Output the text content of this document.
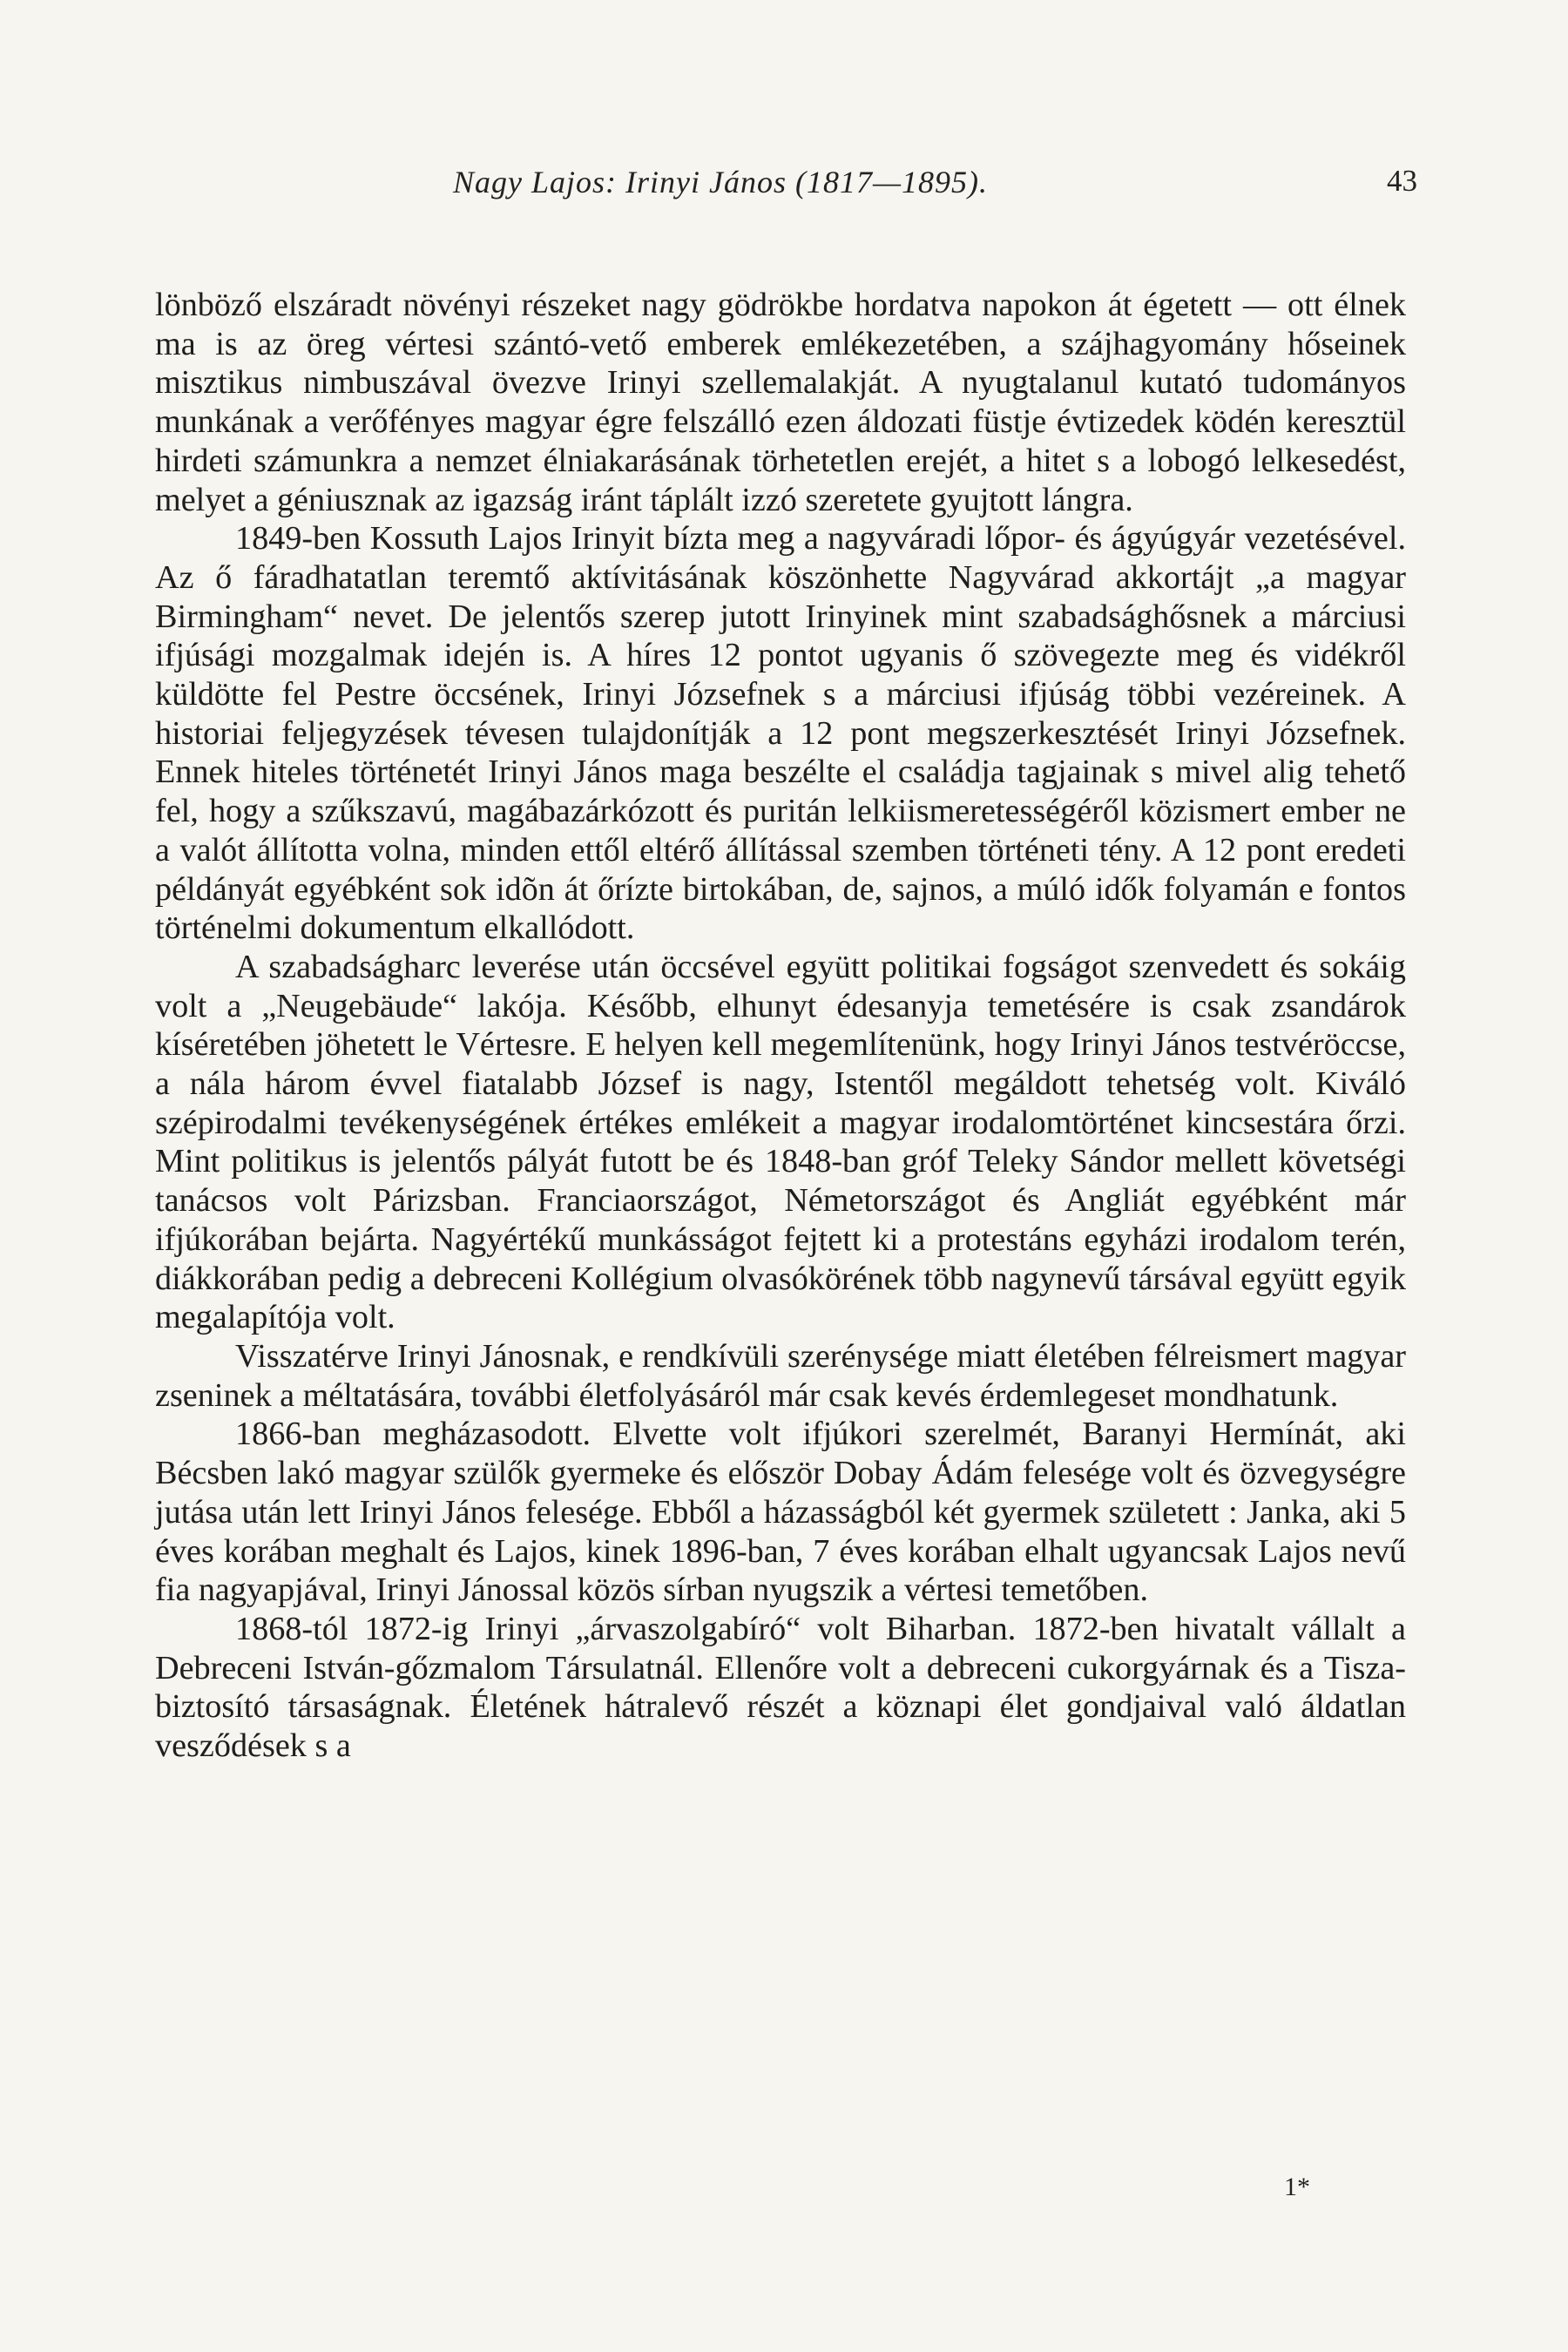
Nagy Lajos: Irinyi János (1817—1895).	43

lönböző elszáradt növényi részeket nagy gödrökbe hordatva napokon át égetett — ott élnek ma is az öreg vértesi szántó-vető emberek emlékezetében, a szájhagyomány hőseinek misztikus nimbuszával övezve Irinyi szellemalakját. A nyugtalanul kutató tudományos munkának a verőfényes magyar égre felszálló ezen áldozati füstje évtizedek ködén keresztül hirdeti számunkra a nemzet élniakarásának törhetetlen erejét, a hitet s a lobogó lelkesedést, melyet a géniusznak az igazság iránt táplált izzó szeretete gyujtott lángra.

1849-ben Kossuth Lajos Irinyit bízta meg a nagyváradi lőpor- és ágyúgyár vezetésével. Az ő fáradhatatlan teremtő aktívitásának köszönhette Nagyvárad akkortájt „a magyar Birmingham“ nevet. De jelentős szerep jutott Irinyinek mint szabadsághősnek a márciusi ifjúsági mozgalmak idején is. A híres 12 pontot ugyanis ő szövegezte meg és vidékről küldötte fel Pestre öccsének, Irinyi Józsefnek s a márciusi ifjúság többi vezéreinek. A historiai feljegyzések tévesen tulajdonítják a 12 pont megszerkesztését Irinyi Józsefnek. Ennek hiteles történetét Irinyi János maga beszélte el családja tagjainak s mivel alig tehető fel, hogy a szűkszavú, magábazárkózott és puritán lelkiismeretességéről közismert ember ne a valót állította volna, minden ettől eltérő állítással szemben történeti tény. A 12 pont eredeti példányát egyébként sok idõn át őrízte birtokában, de, sajnos, a múló idők folyamán e fontos történelmi dokumentum elkallódott.

A szabadságharc leverése után öccsével együtt politikai fogságot szenvedett és sokáig volt a „Neugebäude“ lakója. Később, elhunyt édesanyja temetésére is csak zsandárok kíséretében jöhetett le Vértesre. E helyen kell megemlítenünk, hogy Irinyi János testvéröccse, a nála három évvel fiatalabb József is nagy, Istentől megáldott tehetség volt. Kiváló szépirodalmi tevékenységének értékes emlékeit a magyar irodalomtörténet kincsestára őrzi. Mint politikus is jelentős pályát futott be és 1848-ban gróf Teleky Sándor mellett követségi tanácsos volt Párizsban. Franciaországot, Németországot és Angliát egyébként már ifjúkorában bejárta. Nagyértékű munkásságot fejtett ki a protestáns egyházi irodalom terén, diákkorában pedig a debreceni Kollégium olvasókörének több nagynevű társával együtt egyik megalapítója volt.

Visszatérve Irinyi Jánosnak, e rendkívüli szerénysége miatt életében félreismert magyar zseninek a méltatására, további életfolyásáról már csak kevés érdemlegeset mondhatunk.

1866-ban megházasodott. Elvette volt ifjúkori szerelmét, Baranyi Hermínát, aki Bécsben lakó magyar szülők gyermeke és először Dobay Ádám felesége volt és özvegységre jutása után lett Irinyi János felesége. Ebből a házasságból két gyermek született : Janka, aki 5 éves korában meghalt és Lajos, kinek 1896-ban, 7 éves korában elhalt ugyancsak Lajos nevű fia nagyapjával, Irinyi Jánossal közös sírban nyugszik a vértesi temetőben.

1868-tól 1872-ig Irinyi „árvaszolgabíró“ volt Biharban. 1872-ben hivatalt vállalt a Debreceni István-gőzmalom Társulatnál. Ellenőre volt a debreceni cukorgyárnak és a Tisza-biztosító társaságnak. Életének hátralevő részét a köznapi élet gondjaival való áldatlan vesződések s a

1*
